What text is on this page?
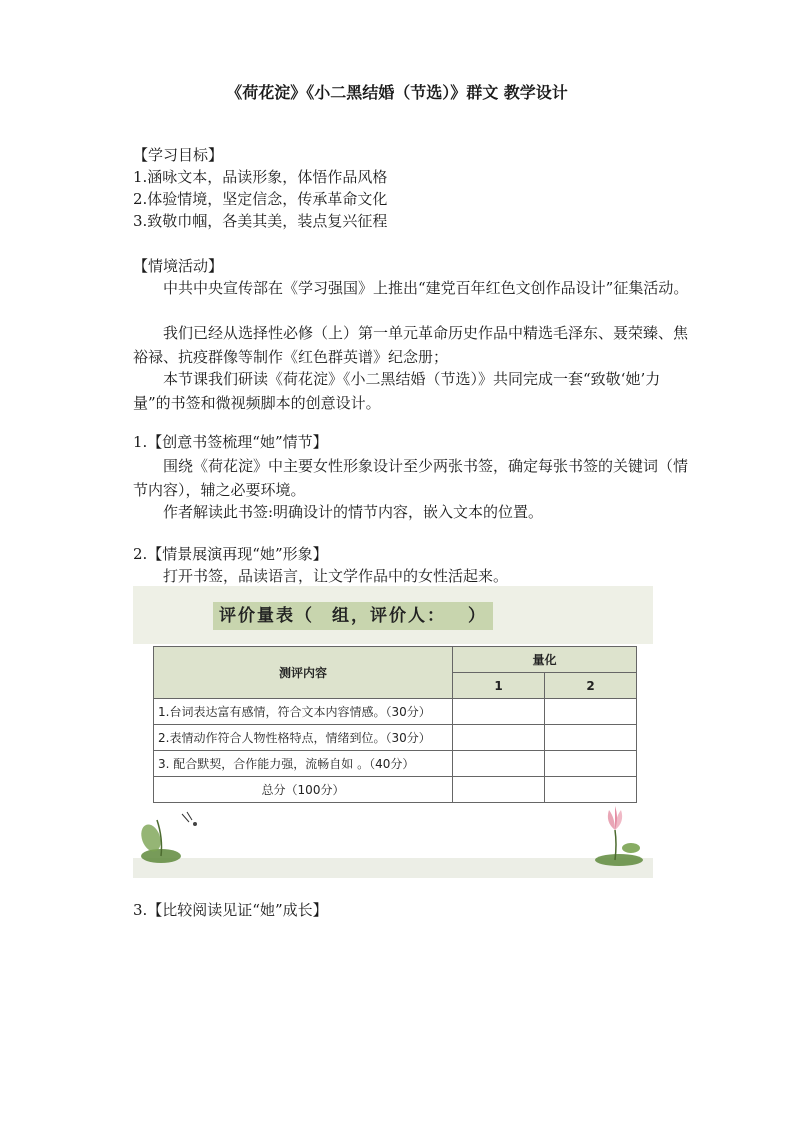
《荷花淀》《小二黑结婚（节选）》群文 教学设计
【学习目标】
1.涵咏文本，品读形象，体悟作品风格
2.体验情境，坚定信念，传承革命文化
3.致敬巾帼，各美其美，装点复兴征程
【情境活动】
中共中央宣传部在《学习强国》上推出“建党百年红色文创作品设计”征集活动。
我们已经从选择性必修（上）第一单元革命历史作品中精选毛泽东、聂荣臻、焦裕禄、抗疫群像等制作《红色群英谱》纪念册；
本节课我们研读《荷花淀》《小二黑结婚（节选）》共同完成一套“致敬‘她’力量”的书签和微视频脚本的创意设计。
1.【创意书签梳理“她”情节】
围绕《荷花淀》中主要女性形象设计至少两张书签，确定每张书签的关键词（情节内容），辅之必要环境。
作者解读此书签:明确设计的情节内容，嵌入文本的位置。
2.【情景展演再现“她”形象】
打开书签，品读语言，让文学作品中的女性活起来。
评价量表（ 组，评价人： ）
测评内容	量化	
	1	2
1.台词表达富有感情，符合文本内容情感。（30分）		
2.表情动作符合人物性格特点，情绪到位。（30分）		
3. 配合默契，合作能力强，流畅自如 。（40分）		
总分（100分）		
3.【比较阅读见证“她”成长】
